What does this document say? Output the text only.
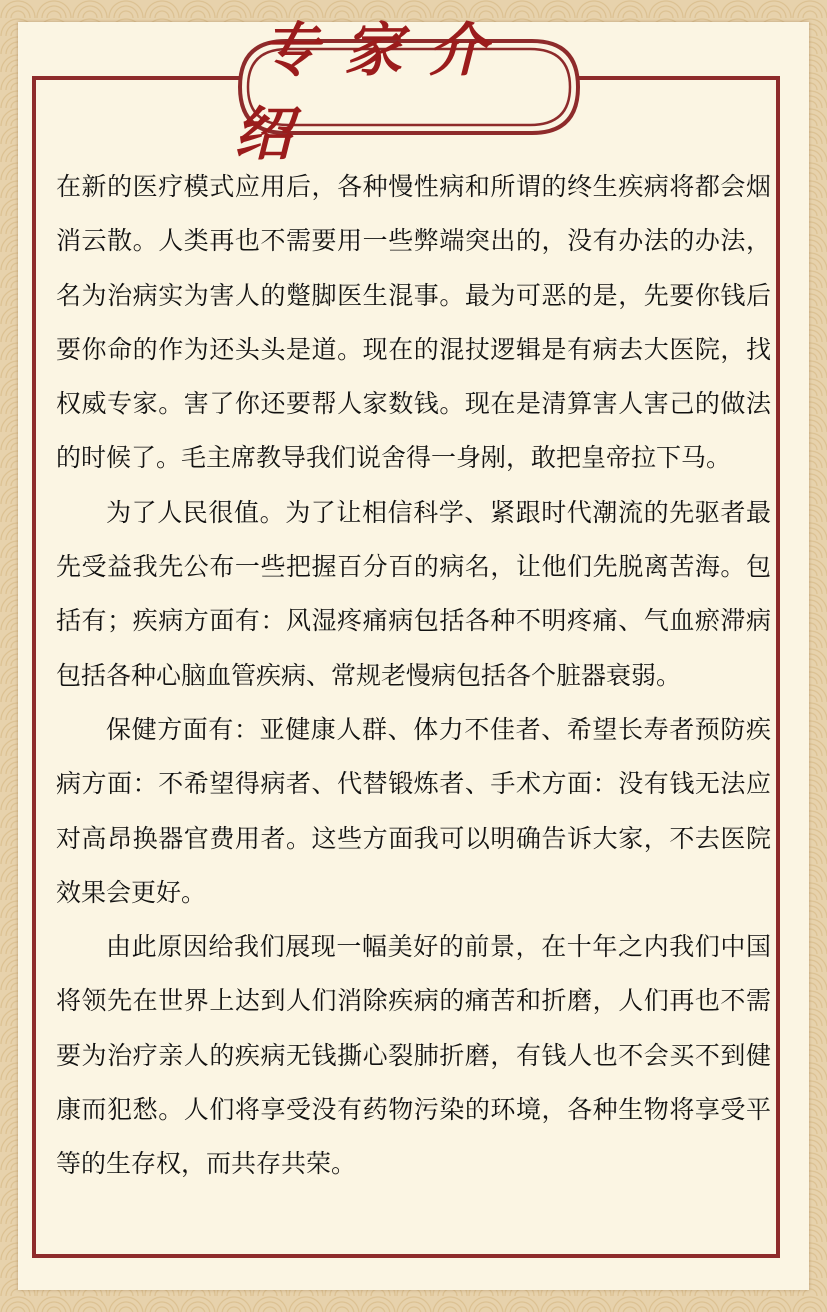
专家介绍

在新的医疗模式应用后，各种慢性病和所谓的终生疾病将都会烟消云散。人类再也不需要用一些弊端突出的，没有办法的办法，名为治病实为害人的蹩脚医生混事。最为可恶的是，先要你钱后要你命的作为还头头是道。现在的混扙逻辑是有病去大医院，找权威专家。害了你还要帮人家数钱。现在是清算害人害己的做法的时候了。毛主席教导我们说舍得一身剐，敢把皇帝拉下马。

为了人民很值。为了让相信科学、紧跟时代潮流的先驱者最先受益我先公布一些把握百分百的病名，让他们先脱离苦海。包括有；疾病方面有：风湿疼痛病包括各种不明疼痛、气血瘀滞病包括各种心脑血管疾病、常规老慢病包括各个脏器衰弱。

保健方面有：亚健康人群、体力不佳者、希望长寿者预防疾病方面：不希望得病者、代替锻炼者、手术方面：没有钱无法应对高昂换器官费用者。这些方面我可以明确告诉大家，不去医院效果会更好。

由此原因给我们展现一幅美好的前景，在十年之内我们中国将领先在世界上达到人们消除疾病的痛苦和折磨，人们再也不需要为治疗亲人的疾病无钱撕心裂肺折磨，有钱人也不会买不到健康而犯愁。人们将享受没有药物污染的环境，各种生物将享受平等的生存权，而共存共荣。
